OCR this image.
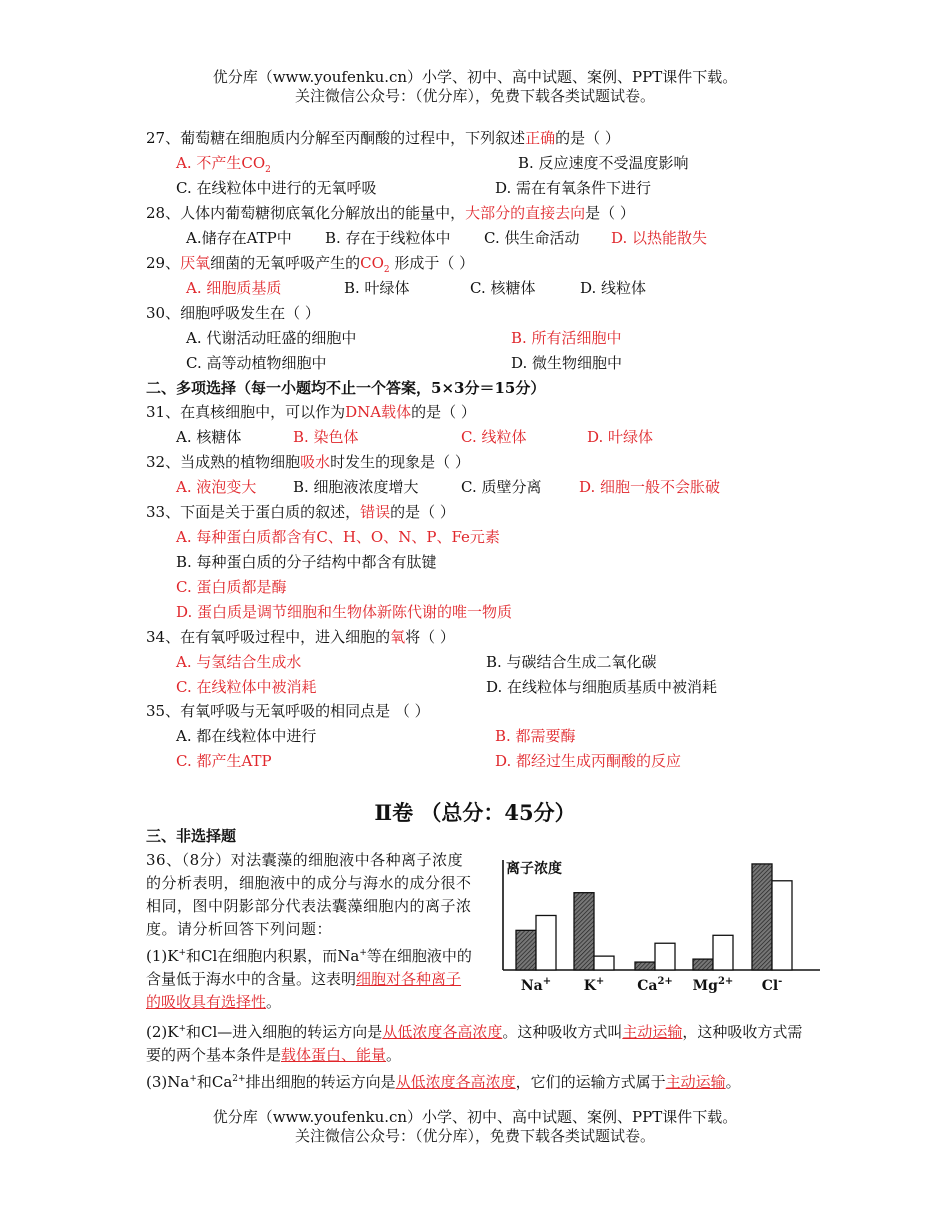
优分库（www.youfenku.cn）小学、初中、高中试题、案例、PPT课件下载。
关注微信公众号：（优分库），免费下载各类试题试卷。
27、葡萄糖在细胞质内分解至丙酮酸的过程中，下列叙述正确的是（ ）
A. 不产生$CO_2$	B. 反应速度不受温度影响
C. 在线粒体中进行的无氧呼吸	D. 需在有氧条件下进行
28、人体内葡萄糖彻底氧化分解放出的能量中，大部分的直接去向是（ ）
A.储存在ATP中 B. 存在于线粒体中 C. 供生命活动 D. 以热能散失
29、厌氧细菌的无氧呼吸产生的$CO_2$ 形成于（ ）
A. 细胞质基质	B. 叶绿体	C. 核糖体	D. 线粒体
30、细胞呼吸发生在（ ）
A. 代谢活动旺盛的细胞中	B. 所有活细胞中
C. 高等动植物细胞中	D. 微生物细胞中
二、多项选择（每一小题均不止一个答案，5×3分＝15分）
31、在真核细胞中，可以作为DNA载体的是（ ）
A. 核糖体	B. 染色体	C. 线粒体	D. 叶绿体
32、当成熟的植物细胞吸水时发生的现象是（ ）
A. 液泡变大 B. 细胞液浓度增大	C. 质壁分离	D. 细胞一般不会胀破
33、下面是关于蛋白质的叙述，错误的是（ ）
A. 每种蛋白质都含有C、H、O、N、P、Fe元素
B. 每种蛋白质的分子结构中都含有肽键
C. 蛋白质都是酶
D. 蛋白质是调节细胞和生物体新陈代谢的唯一物质
34、在有氧呼吸过程中，进入细胞的氧将（ ）
A. 与氢结合生成水	B. 与碳结合生成二氧化碳
C. 在线粒体中被消耗	D. 在线粒体与细胞质基质中被消耗
35、有氧呼吸与无氧呼吸的相同点是 （ ）
A. 都在线粒体中进行	B. 都需要酶
C. 都产生ATP	D. 都经过生成丙酮酸的反应
Ⅱ卷 （总分：45分）
三、非选择题
36、（8分）对法囊藻的细胞液中各种离子浓度的分析表明，细胞液中的成分与海水的成分很不相同，图中阴影部分代表法囊藻细胞内的离子浓度。请分析回答下列问题：
(1)K+和Cl在细胞内积累，而Na+等在细胞液中的含量低于海水中的含量。这表明细胞对各种离子的吸收具有选择性。
(2)K+和Cl—进入细胞的转运方向是从低浓度各高浓度。这种吸收方式叫主动运输，这种吸收方式需要的两个基本条件是载体蛋白、能量。
(3)Na+和$Ca^{2+}$排出细胞的转运方向是从低浓度各高浓度，它们的运输方式属于主动运输。
离子浓度
Na+ K+ $Ca^{2+}$ $Mg^{2+}$ Cl-
优分库（www.youfenku.cn）小学、初中、高中试题、案例、PPT课件下载。
关注微信公众号：（优分库），免费下载各类试题试卷。
